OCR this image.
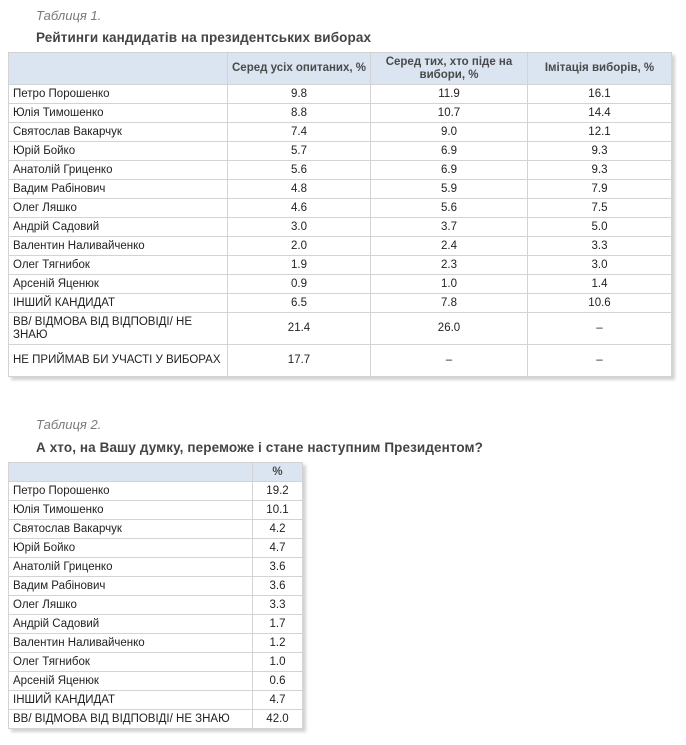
Таблиця 1.
Рейтинги кандидатів на президентських виборах
	Серед усіх опитаних, %	Серед тих, хто піде на вибори, %	Імітація виборів, %
Петро Порошенко	9.8	11.9	16.1
Юлія Тимошенко	8.8	10.7	14.4
Святослав Вакарчук	7.4	9.0	12.1
Юрій Бойко	5.7	6.9	9.3
Анатолій Гриценко	5.6	6.9	9.3
Вадим Рабінович	4.8	5.9	7.9
Олег Ляшко	4.6	5.6	7.5
Андрій Садовий	3.0	3.7	5.0
Валентин Наливайченко	2.0	2.4	3.3
Олег Тягнибок	1.9	2.3	3.0
Арсеній Яценюк	0.9	1.0	1.4
ІНШИЙ КАНДИДАТ	6.5	7.8	10.6
ВВ/ ВІДМОВА ВІД ВІДПОВІДІ/ НЕ ЗНАЮ	21.4	26.0	–
НЕ ПРИЙМАВ БИ УЧАСТІ У ВИБОРАХ	17.7	–	–
Таблиця 2.
А хто, на Вашу думку, переможе і стане наступним Президентом?
	%
Петро Порошенко	19.2
Юлія Тимошенко	10.1
Святослав Вакарчук	4.2
Юрій Бойко	4.7
Анатолій Гриценко	3.6
Вадим Рабінович	3.6
Олег Ляшко	3.3
Андрій Садовий	1.7
Валентин Наливайченко	1.2
Олег Тягнибок	1.0
Арсеній Яценюк	0.6
ІНШИЙ КАНДИДАТ	4.7
ВВ/ ВІДМОВА ВІД ВІДПОВІДІ/ НЕ ЗНАЮ	42.0
